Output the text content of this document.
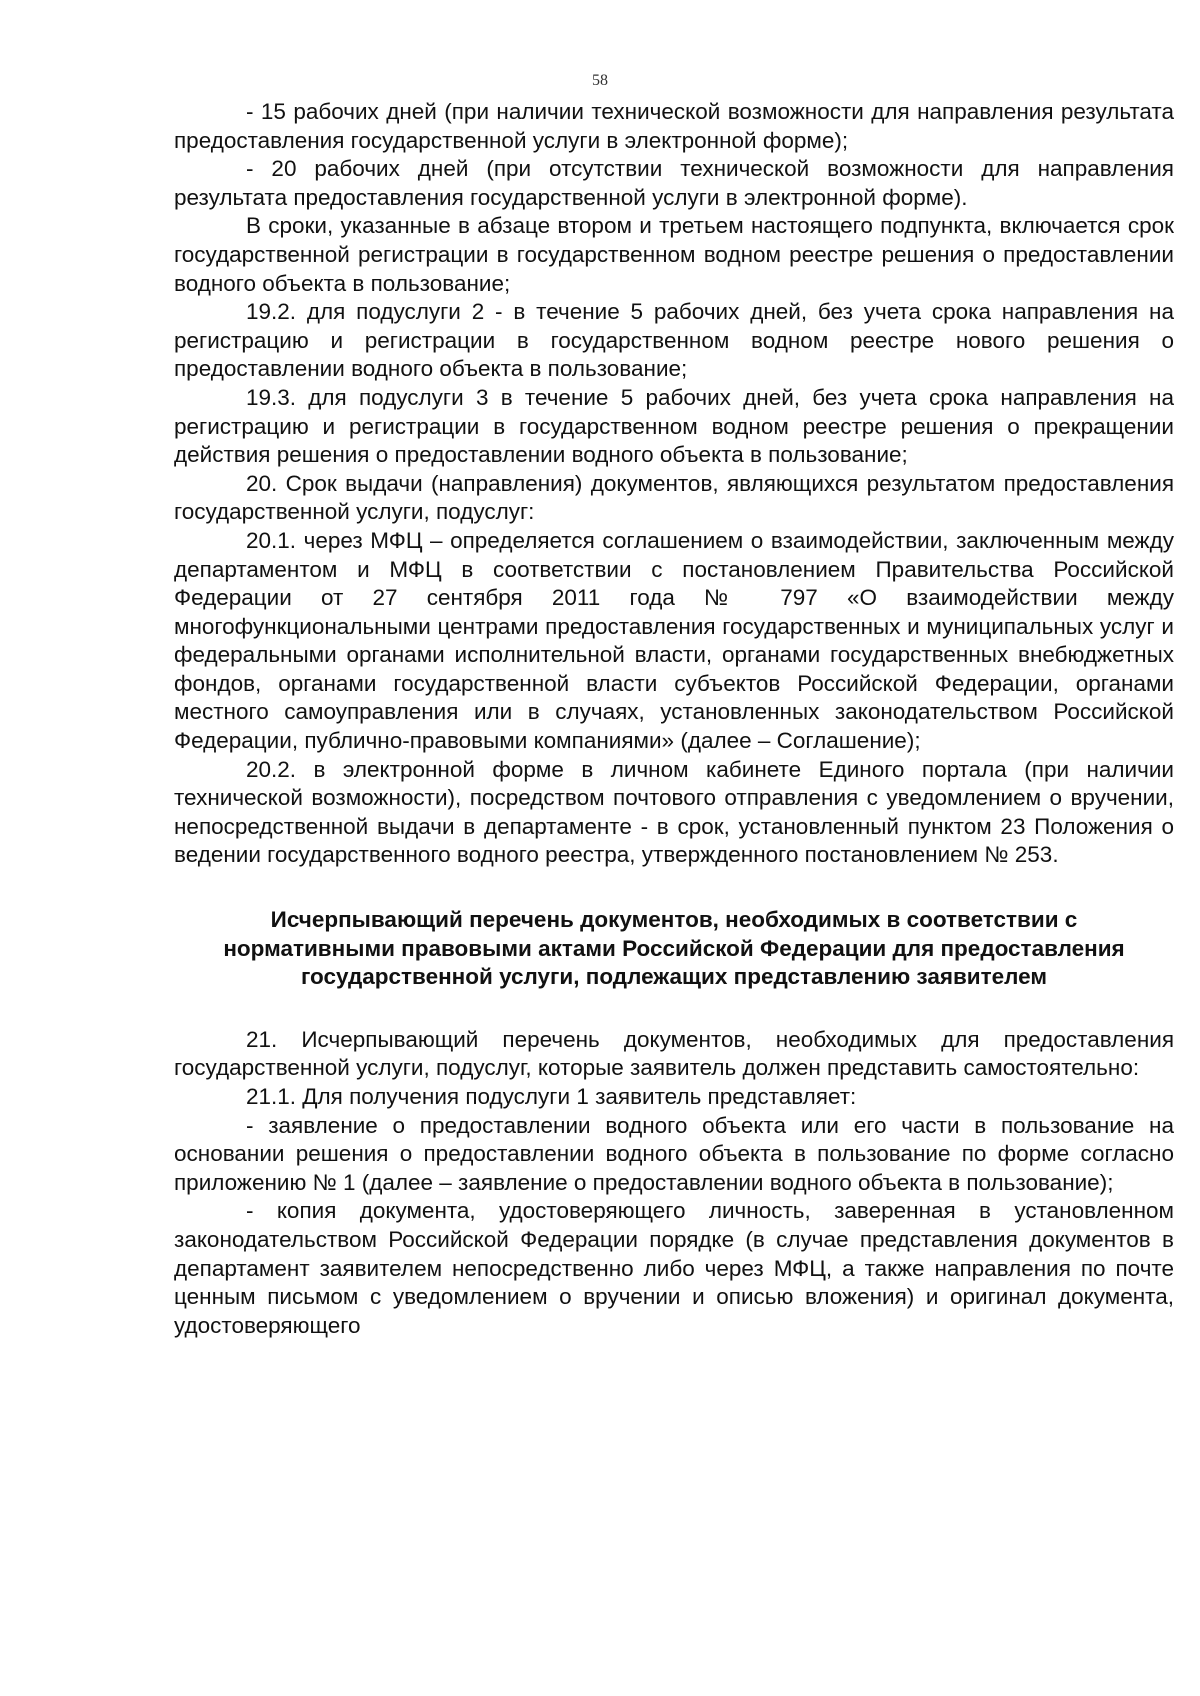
58

- 15 рабочих дней (при наличии технической возможности для направления результата предоставления государственной услуги в электронной форме);

- 20 рабочих дней (при отсутствии технической возможности для направления результата предоставления государственной услуги в электронной форме).

В сроки, указанные в абзаце втором и третьем настоящего подпункта, включается срок государственной регистрации в государственном водном реестре решения о предоставлении водного объекта в пользование;

19.2. для подуслуги 2 - в течение 5 рабочих дней, без учета срока направления на регистрацию и регистрации в государственном водном реестре нового решения о предоставлении водного объекта в пользование;

19.3. для подуслуги 3 в течение 5 рабочих дней, без учета срока направления на регистрацию и регистрации в государственном водном реестре решения о прекращении действия решения о предоставлении водного объекта в пользование;

20. Срок выдачи (направления) документов, являющихся результатом предоставления государственной услуги, подуслуг:

20.1. через МФЦ – определяется соглашением о взаимодействии, заключенным между департаментом и МФЦ в соответствии с постановлением Правительства Российской Федерации от 27 сентября 2011 года № 797 «О взаимодействии между многофункциональными центрами предоставления государственных и муниципальных услуг и федеральными органами исполнительной власти, органами государственных внебюджетных фондов, органами государственной власти субъектов Российской Федерации, органами местного самоуправления или в случаях, установленных законодательством Российской Федерации, публично-правовыми компаниями» (далее – Соглашение);

20.2. в электронной форме в личном кабинете Единого портала (при наличии технической возможности), посредством почтового отправления с уведомлением о вручении, непосредственной выдачи в департаменте - в срок, установленный пунктом 23 Положения о ведении государственного водного реестра, утвержденного постановлением № 253.

Исчерпывающий перечень документов, необходимых в соответствии с нормативными правовыми актами Российской Федерации для предоставления государственной услуги, подлежащих представлению заявителем

21. Исчерпывающий перечень документов, необходимых для предоставления государственной услуги, подуслуг, которые заявитель должен представить самостоятельно:

21.1. Для получения подуслуги 1 заявитель представляет:

- заявление о предоставлении водного объекта или его части в пользование на основании решения о предоставлении водного объекта в пользование по форме согласно приложению № 1 (далее – заявление о предоставлении водного объекта в пользование);

- копия документа, удостоверяющего личность, заверенная в установленном законодательством Российской Федерации порядке (в случае представления документов в департамент заявителем непосредственно либо через МФЦ, а также направления по почте ценным письмом с уведомлением о вручении и описью вложения) и оригинал документа, удостоверяющего
